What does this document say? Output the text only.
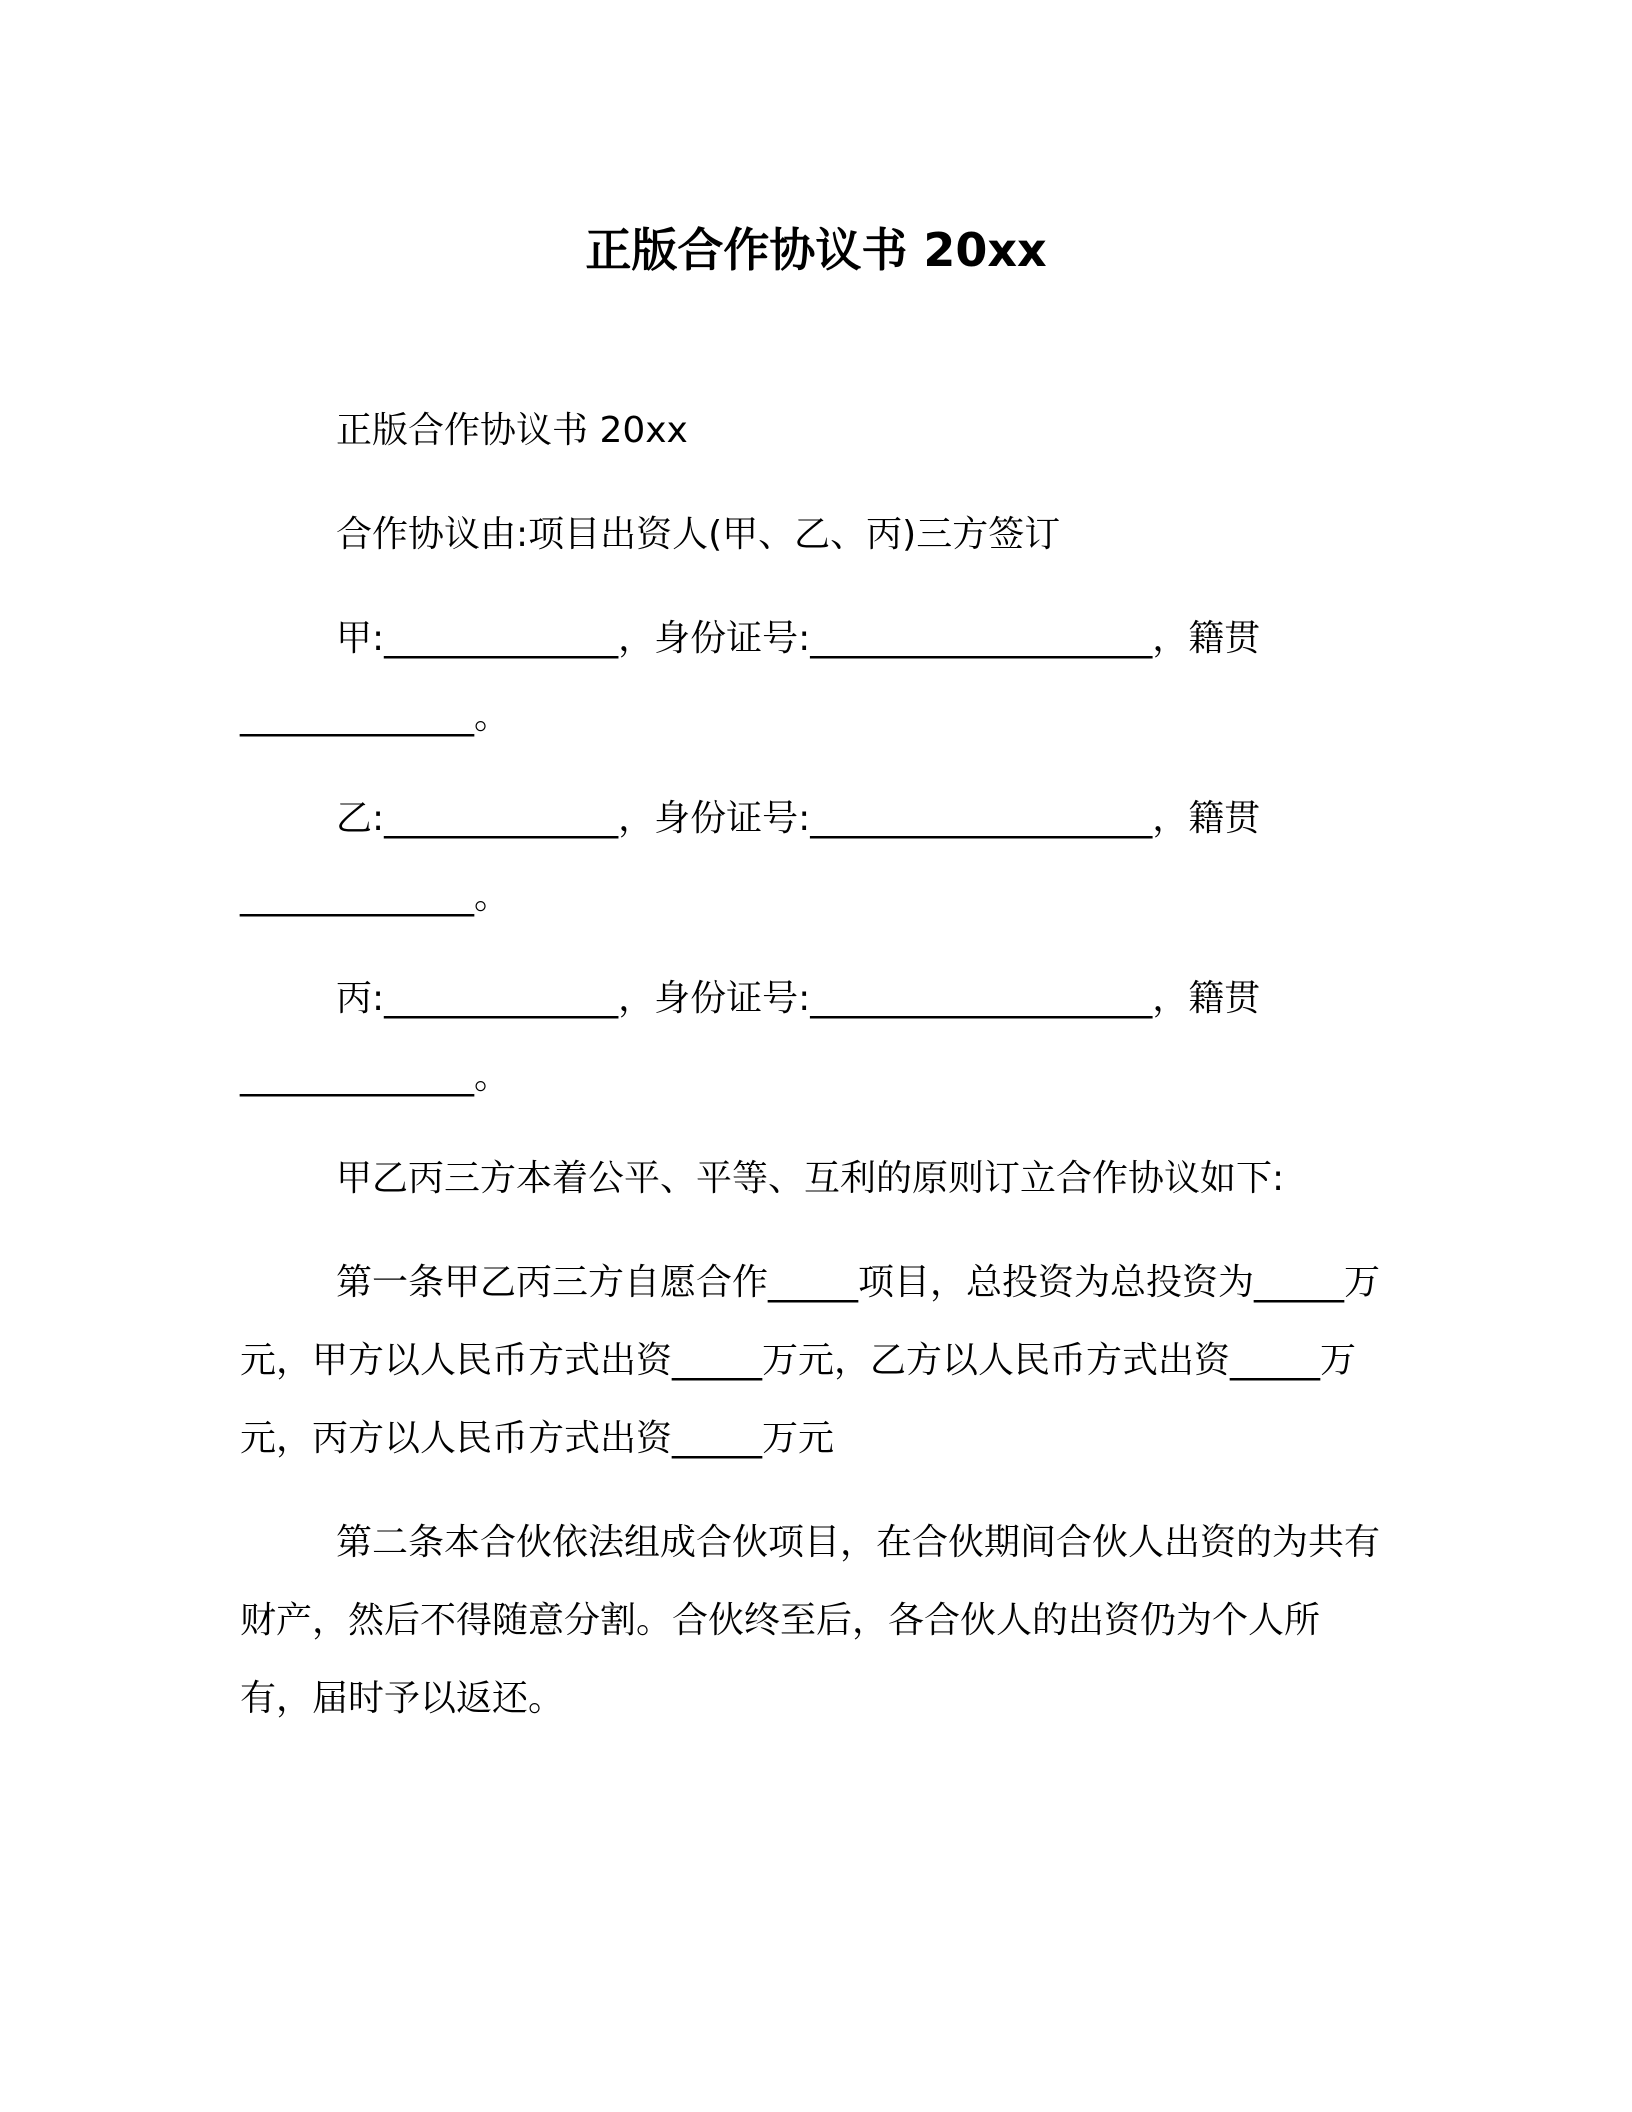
正版合作协议书 20xx

正版合作协议书 20xx

合作协议由:项目出资人(甲、乙、丙)三方签订

甲:_____________，身份证号:___________________，籍贯
_____________。
乙:_____________，身份证号:___________________，籍贯
_____________。
丙:_____________，身份证号:___________________，籍贯
_____________。

甲乙丙三方本着公平、平等、互利的原则订立合作协议如下:

第一条甲乙丙三方自愿合作_____项目，总投资为总投资为_____万元，甲方以人民币方式出资_____万元，乙方以人民币方式出资_____万元，丙方以人民币方式出资_____万元

第二条本合伙依法组成合伙项目，在合伙期间合伙人出资的为共有财产，然后不得随意分割。合伙终至后，各合伙人的出资仍为个人所有，届时予以返还。
